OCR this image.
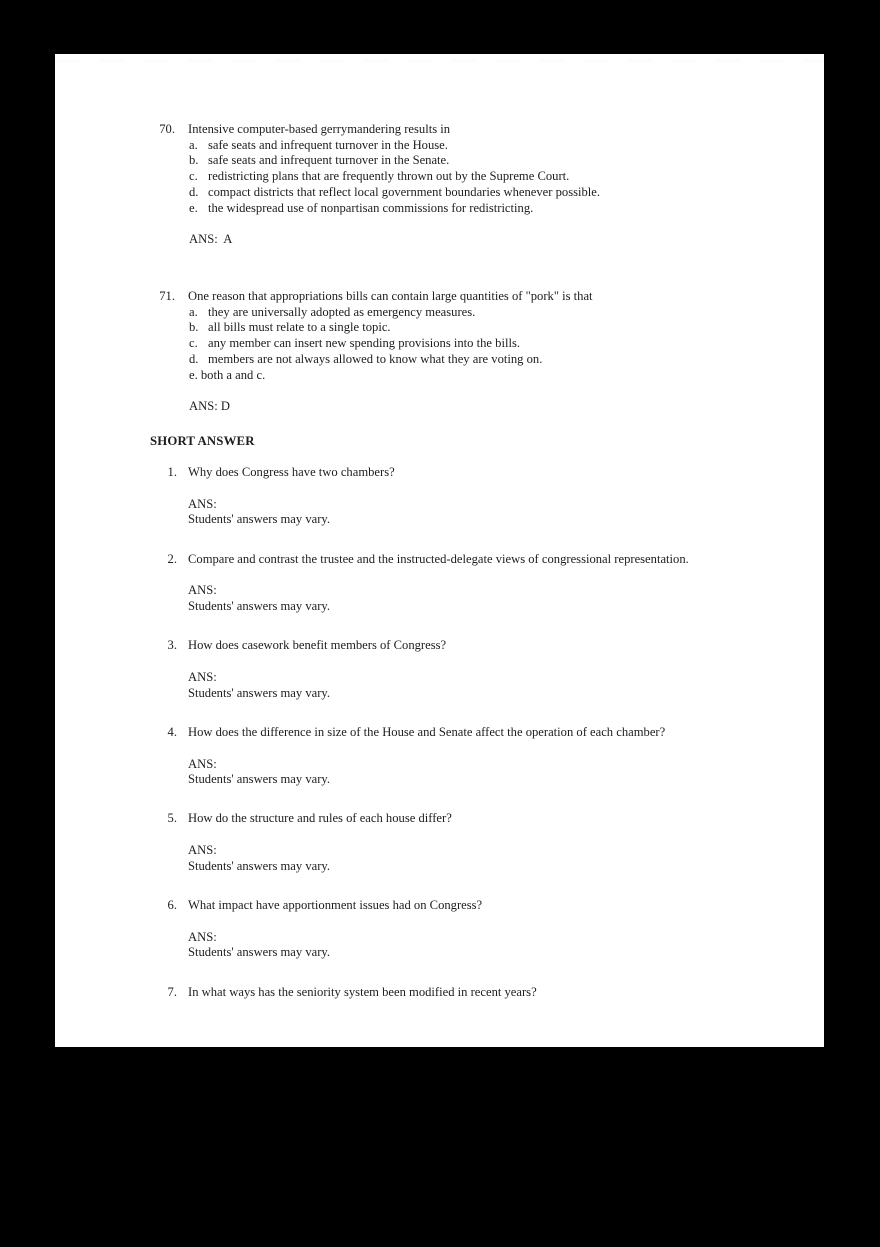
70. Intensive computer-based gerrymandering results in
a. safe seats and infrequent turnover in the House.
b. safe seats and infrequent turnover in the Senate.
c. redistricting plans that are frequently thrown out by the Supreme Court.
d. compact districts that reflect local government boundaries whenever possible.
e. the widespread use of nonpartisan commissions for redistricting.
ANS:  A
71. One reason that appropriations bills can contain large quantities of "pork" is that
a. they are universally adopted as emergency measures.
b. all bills must relate to a single topic.
c. any member can insert new spending provisions into the bills.
d. members are not always allowed to know what they are voting on.
e. both a and c.
ANS: D
SHORT ANSWER
1. Why does Congress have two chambers?
ANS:
Students' answers may vary.
2. Compare and contrast the trustee and the instructed-delegate views of congressional representation.
ANS:
Students' answers may vary.
3. How does casework benefit members of Congress?
ANS:
Students' answers may vary.
4. How does the difference in size of the House and Senate affect the operation of each chamber?
ANS:
Students' answers may vary.
5. How do the structure and rules of each house differ?
ANS:
Students' answers may vary.
6. What impact have apportionment issues had on Congress?
ANS:
Students' answers may vary.
7. In what ways has the seniority system been modified in recent years?
